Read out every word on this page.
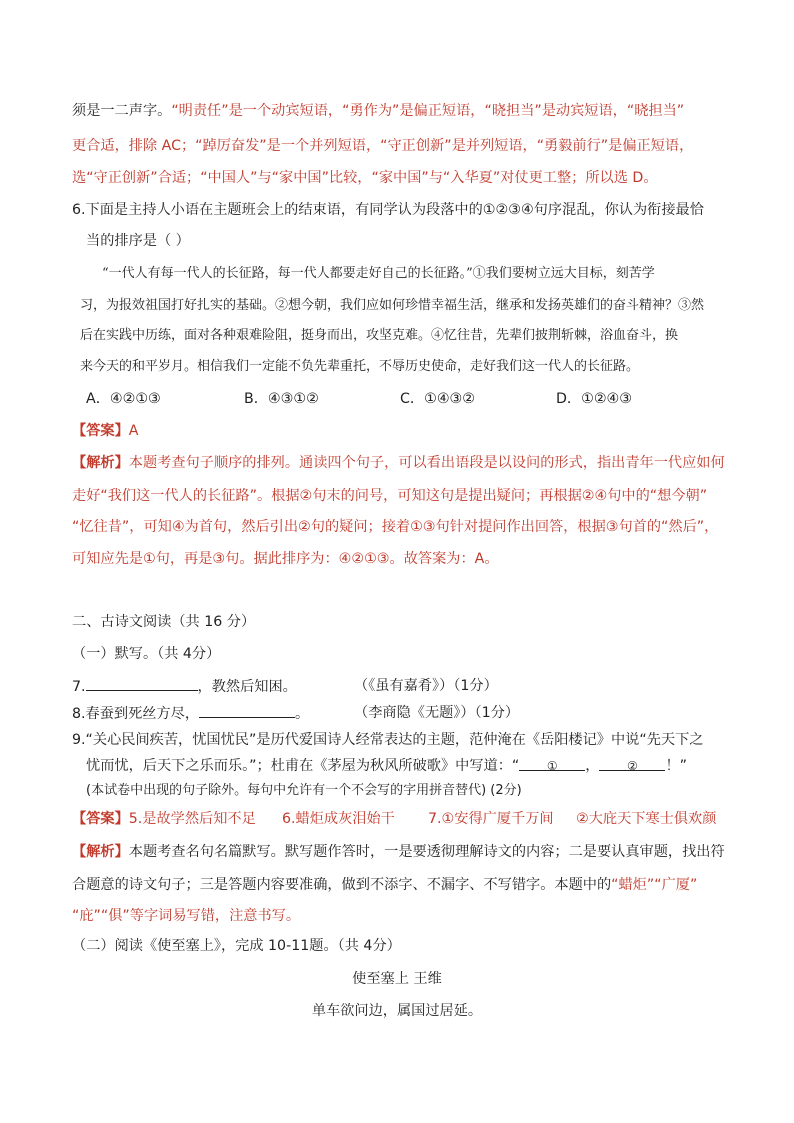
须是一二声字。“明责任”是一个动宾短语，“勇作为”是偏正短语，“晓担当”是动宾短语，“晓担当”
更合适，排除 AC；“踔厉奋发”是一个并列短语，“守正创新”是并列短语，“勇毅前行”是偏正短语，
选“守正创新”合适；“中国人”与“家中国”比较，“家中国”与“入华夏”对仗更工整；所以选 D。
6.下面是主持人小语在主题班会上的结束语，有同学认为段落中的①②③④句序混乱，你认为衔接最恰
当的排序是（ ）
“一代人有每一代人的长征路，每一代人都要走好自己的长征路。”①我们要树立远大目标，刻苦学
习，为报效祖国打好扎实的基础。②想今朝，我们应如何珍惜幸福生活，继承和发扬英雄们的奋斗精神？③然
后在实践中历练，面对各种艰难险阻，挺身而出，攻坚克难。④忆往昔，先辈们披荆斩棘，浴血奋斗，换
来今天的和平岁月。相信我们一定能不负先辈重托，不辱历史使命，走好我们这一代人的长征路。
A．④②①③	B．④③①②	C．①④③②	D．①②④③
【答案】A
【解析】本题考查句子顺序的排列。通读四个句子，可以看出语段是以设问的形式，指出青年一代应如何
走好“我们这一代人的长征路”。根据②句末的问号，可知这句是提出疑问；再根据②④句中的“想今朝”
“忆往昔”，可知④为首句，然后引出②句的疑问；接着①③句针对提问作出回答，根据③句首的“然后”，
可知应先是①句，再是③句。据此排序为：④②①③。故答案为：A。
二、古诗文阅读（共 16 分）
（一）默写。（共 4分）
7.	，教然后知困。	（《虽有嘉肴》）（1分）
8.春蚕到死丝方尽，	。	（李商隐《无题》）（1分）
9.“关心民间疾苦，忧国忧民”是历代爱国诗人经常表达的主题，范仲淹在《岳阳楼记》中说“先天下之
忧而忧，后天下之乐而乐。”；杜甫在《茅屋为秋风所破歌》中写道：“ ① ， ② ！”
(本试卷中出现的句子除外。每句中允许有一个不会写的字用拼音替代) (2分)
【答案】5.是故学然后知不足 6.蜡炬成灰泪始干 7.①安得广厦千万间 ②大庇天下寒士俱欢颜
【解析】本题考查名句名篇默写。默写题作答时，一是要透彻理解诗文的内容；二是要认真审题，找出符
合题意的诗文句子；三是答题内容要准确，做到不添字、不漏字、不写错字。本题中的“蜡炬”“广厦”
“庇”“俱”等字词易写错，注意书写。
（二）阅读《使至塞上》，完成 10-11题。（共 4分）
使至塞上 王维
单车欲问边，属国过居延。
